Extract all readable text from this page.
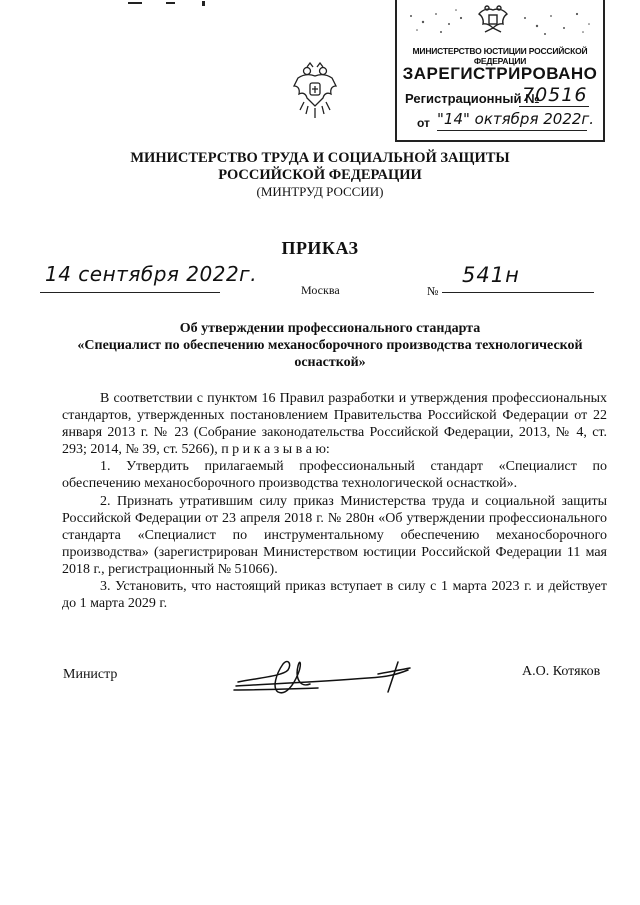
МИНИСТЕРСТВО ЮСТИЦИИ РОССИЙСКОЙ ФЕДЕРАЦИИ
ЗАРЕГИСТРИРОВАНО
Регистрационный №
70516
от "14" октября 2022г.
МИНИСТЕРСТВО ТРУДА И СОЦИАЛЬНОЙ ЗАЩИТЫ
РОССИЙСКОЙ ФЕДЕРАЦИИ
(МИНТРУД РОССИИ)
ПРИКАЗ
14 сентября 2022г.
Москва	№
541н
Об утверждении профессионального стандарта
«Специалист по обеспечению механосборочного производства технологической оснасткой»
В соответствии с пунктом 16 Правил разработки и утверждения профессиональных стандартов, утвержденных постановлением Правительства Российской Федерации от 22 января 2013 г. № 23 (Собрание законодательства Российской Федерации, 2013, № 4, ст. 293; 2014, № 39, ст. 5266), п р и к а з ы в а ю:
1. Утвердить прилагаемый профессиональный стандарт «Специалист по обеспечению механосборочного производства технологической оснасткой».
2. Признать утратившим силу приказ Министерства труда и социальной защиты Российской Федерации от 23 апреля 2018 г. № 280н «Об утверждении профессионального стандарта «Специалист по инструментальному обеспечению механосборочного производства» (зарегистрирован Министерством юстиции Российской Федерации 11 мая 2018 г., регистрационный № 51066).
3. Установить, что настоящий приказ вступает в силу с 1 марта 2023 г. и действует до 1 марта 2029 г.
Министр	А.О. Котяков
